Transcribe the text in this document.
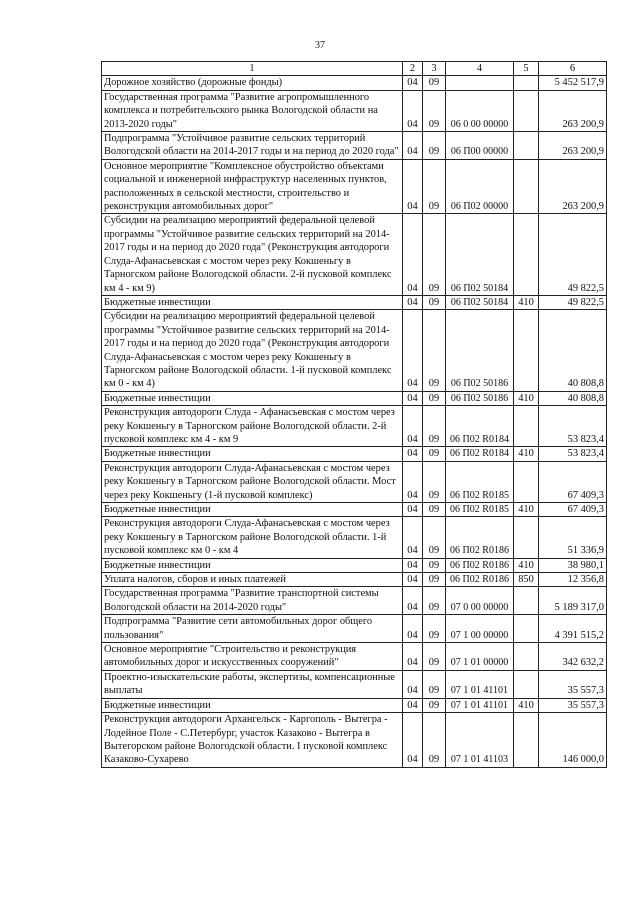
37
1	2	3	4	5	6
Дорожное хозяйство (дорожные фонды)	04	09			5 452 517,9
Государственная программа "Развитие агропромышленного комплекса и потребительского рынка Вологодской области на 2013-2020 годы"	04	09	06 0 00 00000		263 200,9
Подпрограмма "Устойчивое развитие сельских территорий Вологодской области на 2014-2017 годы и на период до 2020 года"	04	09	06 П00 00000		263 200,9
Основное мероприятие "Комплексное обустройство объектами социальной и инженерной инфраструктур населенных пунктов, расположенных в сельской местности, строительство и реконструкция автомобильных дорог"	04	09	06 П02 00000		263 200,9
Субсидии на реализацию мероприятий федеральной целевой программы "Устойчивое развитие сельских территорий на 2014-2017 годы и на период до 2020 года" (Реконструкция автодороги Слуда-Афанасьевская с мостом через реку Кокшеньгу в Тарногском районе Вологодской области. 2-й пусковой комплекс км 4 - км 9)	04	09	06 П02 50184		49 822,5
Бюджетные инвестиции	04	09	06 П02 50184	410	49 822,5
Субсидии на реализацию мероприятий федеральной целевой программы "Устойчивое развитие сельских территорий на 2014-2017 годы и на период до 2020 года" (Реконструкция автодороги Слуда-Афанасьевская с мостом через реку Кокшеньгу в Тарногском районе Вологодской области. 1-й пусковой комплекс км 0 - км 4)	04	09	06 П02 50186		40 808,8
Бюджетные инвестиции	04	09	06 П02 50186	410	40 808,8
Реконструкция автодороги Слуда - Афанасьевская с мостом через реку Кокшеньгу в Тарногском районе Вологодской области. 2-й пусковой комплекс км 4 - км 9	04	09	06 П02 R0184		53 823,4
Бюджетные инвестиции	04	09	06 П02 R0184	410	53 823,4
Реконструкция автодороги Слуда-Афанасьевская с мостом через реку Кокшеньгу в Тарногском районе Вологодской области. Мост через реку Кокшеньгу (1-й пусковой комплекс)	04	09	06 П02 R0185		67 409,3
Бюджетные инвестиции	04	09	06 П02 R0185	410	67 409,3
Реконструкция автодороги Слуда-Афанасьевская с мостом через реку Кокшеньгу в Тарногском районе Вологодской области. 1-й пусковой комплекс км 0 - км 4	04	09	06 П02 R0186		51 336,9
Бюджетные инвестиции	04	09	06 П02 R0186	410	38 980,1
Уплата налогов, сборов и иных платежей	04	09	06 П02 R0186	850	12 356,8
Государственная программа "Развитие транспортной системы Вологодской области на 2014-2020 годы"	04	09	07 0 00 00000		5 189 317,0
Подпрограмма "Развитие сети автомобильных дорог общего пользования"	04	09	07 1 00 00000		4 391 515,2
Основное мероприятие "Строительство и реконструкция автомобильных дорог и искусственных сооружений"	04	09	07 1 01 00000		342 632,2
Проектно-изыскательские работы, экспертизы, компенсационные выплаты	04	09	07 1 01 41101		35 557,3
Бюджетные инвестиции	04	09	07 1 01 41101	410	35 557,3
Реконструкция автодороги Архангельск - Каргополь - Вытегра - Лодейное Поле - С.Петербург, участок Казаково - Вытегра в Вытегорском районе Вологодской области. I пусковой комплекс Казаково-Сухарево	04	09	07 1 01 41103		146 000,0
